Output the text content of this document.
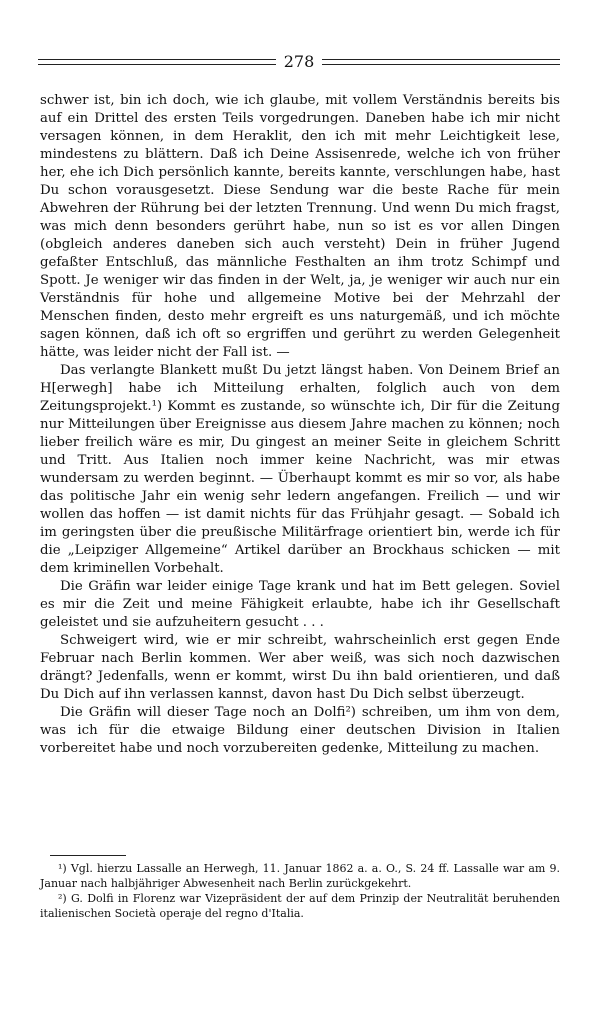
278

schwer ist, bin ich doch, wie ich glaube, mit vollem Verständnis bereits bis auf ein Drittel des ersten Teils vorgedrungen. Daneben habe ich mir nicht versagen können, in dem Heraklit, den ich mit mehr Leichtigkeit lese, mindestens zu blättern. Daß ich Deine Assisenrede, welche ich von früher her, ehe ich Dich persönlich kannte, bereits kannte, verschlungen habe, hast Du schon vorausgesetzt. Diese Sendung war die beste Rache für mein Abwehren der Rührung bei der letzten Trennung. Und wenn Du mich fragst, was mich denn besonders gerührt habe, nun so ist es vor allen Dingen (obgleich anderes daneben sich auch versteht) Dein in früher Jugend gefaßter Entschluß, das männliche Festhalten an ihm trotz Schimpf und Spott. Je weniger wir das finden in der Welt, ja, je weniger wir auch nur ein Verständnis für hohe und allgemeine Motive bei der Mehrzahl der Menschen finden, desto mehr ergreift es uns naturgemäß, und ich möchte sagen können, daß ich oft so ergriffen und gerührt zu werden Gelegenheit hätte, was leider nicht der Fall ist. —

Das verlangte Blankett mußt Du jetzt längst haben. Von Deinem Brief an H[erwegh] habe ich Mitteilung erhalten, folglich auch von dem Zeitungsprojekt.¹) Kommt es zustande, so wünschte ich, Dir für die Zeitung nur Mitteilungen über Ereignisse aus diesem Jahre machen zu können; noch lieber freilich wäre es mir, Du gingest an meiner Seite in gleichem Schritt und Tritt. Aus Italien noch immer keine Nachricht, was mir etwas wundersam zu werden beginnt. — Überhaupt kommt es mir so vor, als habe das politische Jahr ein wenig sehr ledern angefangen. Freilich — und wir wollen das hoffen — ist damit nichts für das Frühjahr gesagt. — Sobald ich im geringsten über die preußische Militärfrage orientiert bin, werde ich für die „Leipziger Allgemeine“ Artikel darüber an Brockhaus schicken — mit dem kriminellen Vorbehalt.

Die Gräfin war leider einige Tage krank und hat im Bett gelegen. Soviel es mir die Zeit und meine Fähigkeit erlaubte, habe ich ihr Gesellschaft geleistet und sie aufzuheitern gesucht . . .

Schweigert wird, wie er mir schreibt, wahrscheinlich erst gegen Ende Februar nach Berlin kommen. Wer aber weiß, was sich noch dazwischen drängt? Jedenfalls, wenn er kommt, wirst Du ihn bald orientieren, und daß Du Dich auf ihn verlassen kannst, davon hast Du Dich selbst überzeugt.

Die Gräfin will dieser Tage noch an Dolfi²) schreiben, um ihm von dem, was ich für die etwaige Bildung einer deutschen Division in Italien vorbereitet habe und noch vorzubereiten gedenke, Mitteilung zu machen.

¹) Vgl. hierzu Lassalle an Herwegh, 11. Januar 1862 a. a. O., S. 24 ff. Lassalle war am 9. Januar nach halbjähriger Abwesenheit nach Berlin zurückgekehrt.

²) G. Dolfi in Florenz war Vizepräsident der auf dem Prinzip der Neutralität beruhenden italienischen Società operaje del regno d'Italia.
